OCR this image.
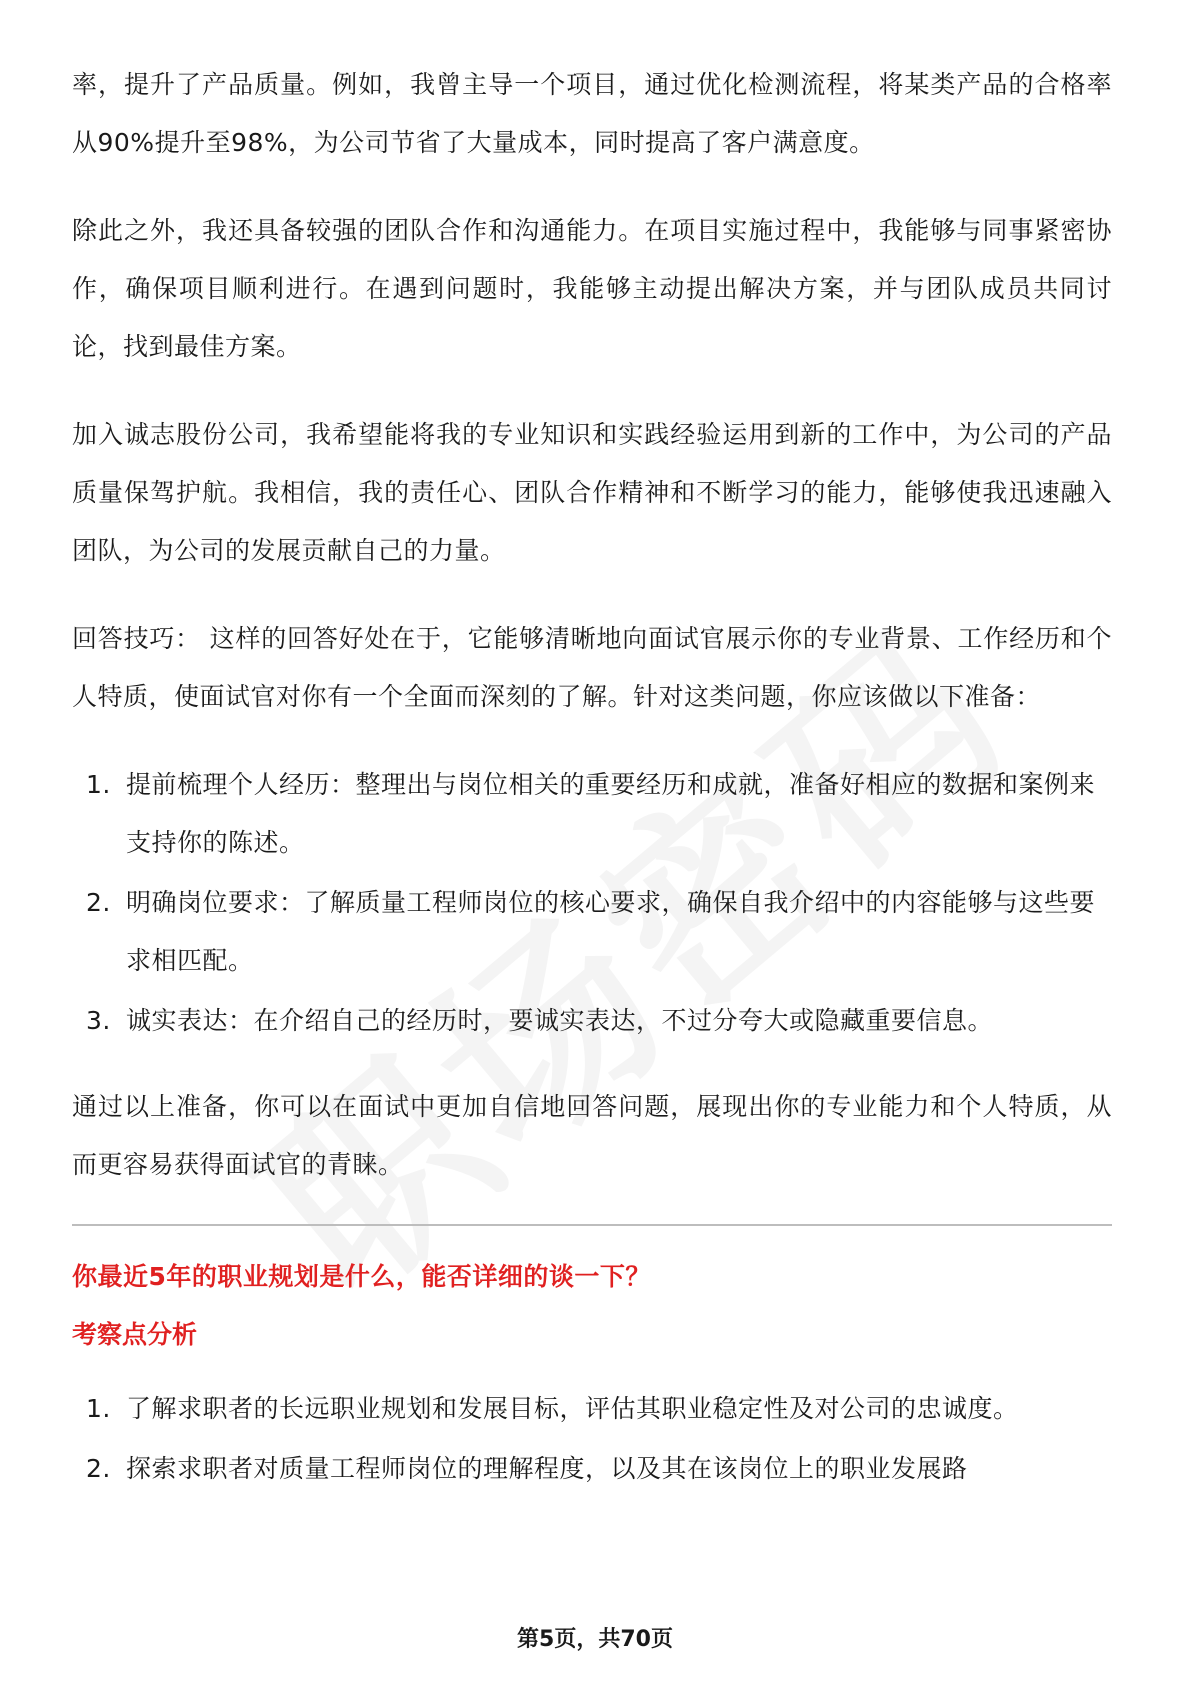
率，提升了产品质量。例如，我曾主导一个项目，通过优化检测流程，将某类产品的合格率从90%提升至98%，为公司节省了大量成本，同时提高了客户满意度。

除此之外，我还具备较强的团队合作和沟通能力。在项目实施过程中，我能够与同事紧密协作，确保项目顺利进行。在遇到问题时，我能够主动提出解决方案，并与团队成员共同讨论，找到最佳方案。

加入诚志股份公司，我希望能将我的专业知识和实践经验运用到新的工作中，为公司的产品质量保驾护航。我相信，我的责任心、团队合作精神和不断学习的能力，能够使我迅速融入团队，为公司的发展贡献自己的力量。

回答技巧： 这样的回答好处在于，它能够清晰地向面试官展示你的专业背景、工作经历和个人特质，使面试官对你有一个全面而深刻的了解。针对这类问题，你应该做以下准备：

1. 提前梳理个人经历：整理出与岗位相关的重要经历和成就，准备好相应的数据和案例来支持你的陈述。
2. 明确岗位要求：了解质量工程师岗位的核心要求，确保自我介绍中的内容能够与这些要求相匹配。
3. 诚实表达：在介绍自己的经历时，要诚实表达，不过分夸大或隐藏重要信息。

通过以上准备，你可以在面试中更加自信地回答问题，展现出你的专业能力和个人特质，从而更容易获得面试官的青睐。

你最近5年的职业规划是什么，能否详细的谈一下？

考察点分析

1. 了解求职者的长远职业规划和发展目标，评估其职业稳定性及对公司的忠诚度。
2. 探索求职者对质量工程师岗位的理解程度，以及其在该岗位上的职业发展路
第5页，共70页
